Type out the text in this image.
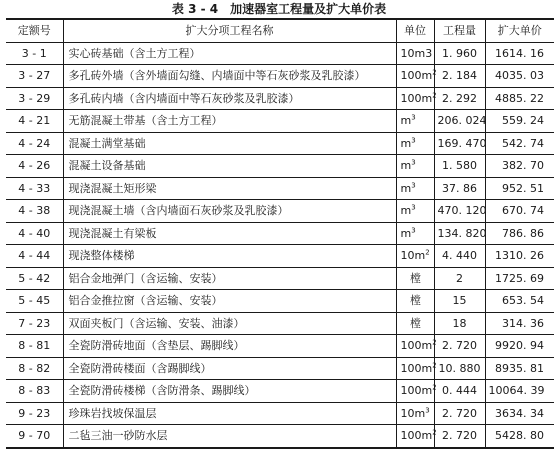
表 3 - 4　加速器室工程量及扩大单价表
定额号	扩大分项工程名称	单位	工程量	扩大单价
3 - 1	实心砖基础（含土方工程）	10m3	1. 960	1614. 16
3 - 27	多孔砖外墙（含外墙面勾缝、内墙面中等石灰砂浆及乳胶漆）	$100m^2$	2. 184	4035. 03
3 - 29	多孔砖内墙（含内墙面中等石灰砂浆及乳胶漆）	$100m^2$	2. 292	4885. 22
4 - 21	无筋混凝土带基（含土方工程）	$m^3$	206. 024	559. 24
4 - 24	混凝土满堂基础	$m^3$	169. 470	542. 74
4 - 26	混凝土设备基础	$m^3$	1. 580	382. 70
4 - 33	现浇混凝土矩形梁	$m^3$	37. 86	952. 51
4 - 38	现浇混凝土墙（含内墙面石灰砂浆及乳胶漆）	$m^3$	470. 120	670. 74
4 - 40	现浇混凝土有梁板	$m^3$	134. 820	786. 86
4 - 44	现浇整体楼梯	$10m^2$	4. 440	1310. 26
5 - 42	铝合金地弹门（含运输、安装）	樘	2	1725. 69
5 - 45	铝合金推拉窗（含运输、安装）	樘	15	653. 54
7 - 23	双面夹板门（含运输、安装、油漆）	樘	18	314. 36
8 - 81	全瓷防滑砖地面（含垫层、踢脚线）	$100m^2$	2. 720	9920. 94
8 - 82	全瓷防滑砖楼面（含踢脚线）	$100m^2$	10. 880	8935. 81
8 - 83	全瓷防滑砖楼梯（含防滑条、踢脚线）	$100m^2$	0. 444	10064. 39
9 - 23	珍珠岩找坡保温层	$10m^3$	2. 720	3634. 34
9 - 70	二毡三油一砂防水层	$100m^2$	2. 720	5428. 80
